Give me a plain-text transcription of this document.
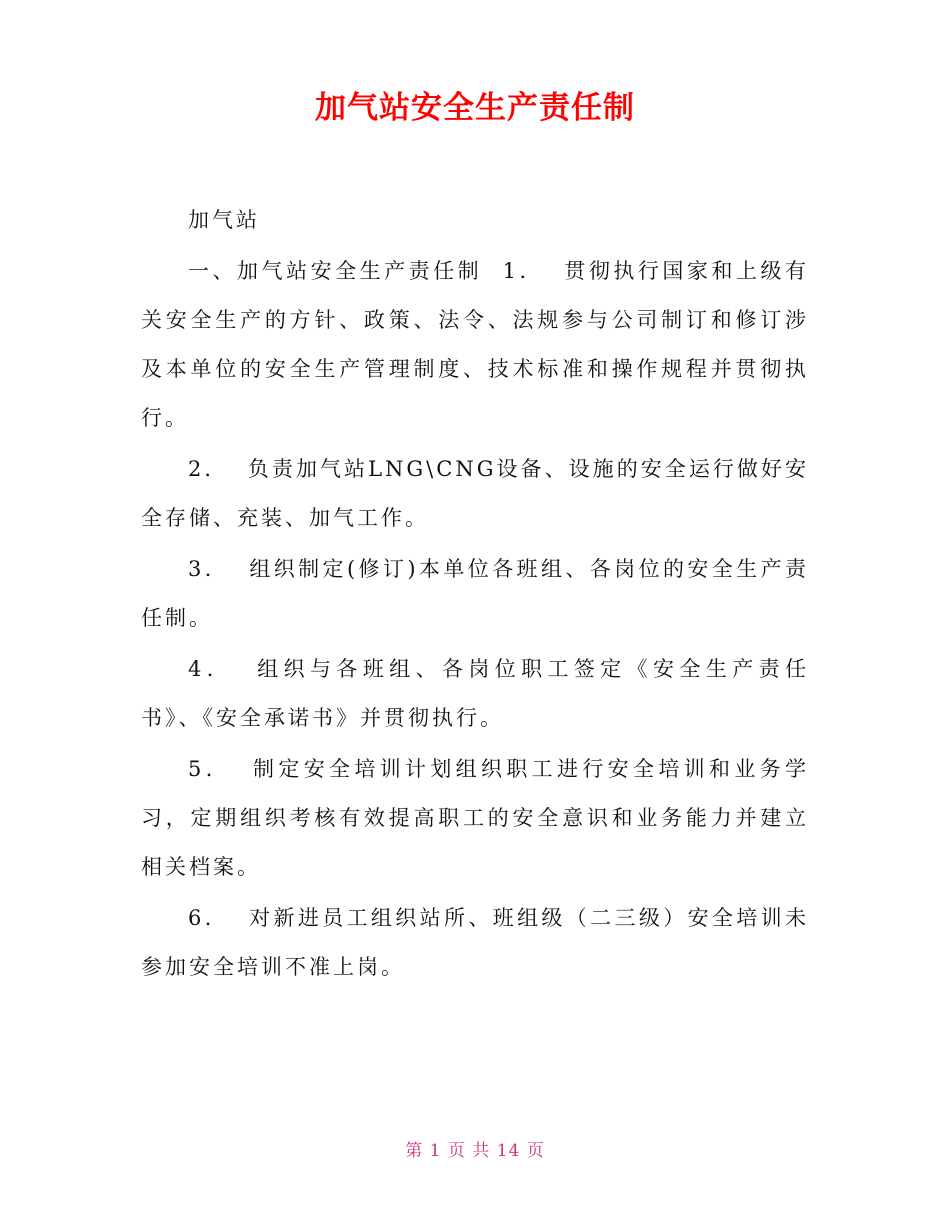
加气站安全生产责任制

加气站

一、加气站安全生产责任制  1．  贯彻执行国家和上级有关安全生产的方针、政策、法令、法规参与公司制订和修订涉及本单位的安全生产管理制度、技术标准和操作规程并贯彻执行。

2．  负责加气站LNG\CNG设备、设施的安全运行做好安全存储、充装、加气工作。

3．  组织制定(修订)本单位各班组、各岗位的安全生产责任制。

4．  组织与各班组、各岗位职工签定《安全生产责任书》、《安全承诺书》并贯彻执行。

5．  制定安全培训计划组织职工进行安全培训和业务学习，定期组织考核有效提高职工的安全意识和业务能力并建立相关档案。

6．  对新进员工组织站所、班组级（二三级）安全培训未参加安全培训不准上岗。

第 1 页 共 14 页
